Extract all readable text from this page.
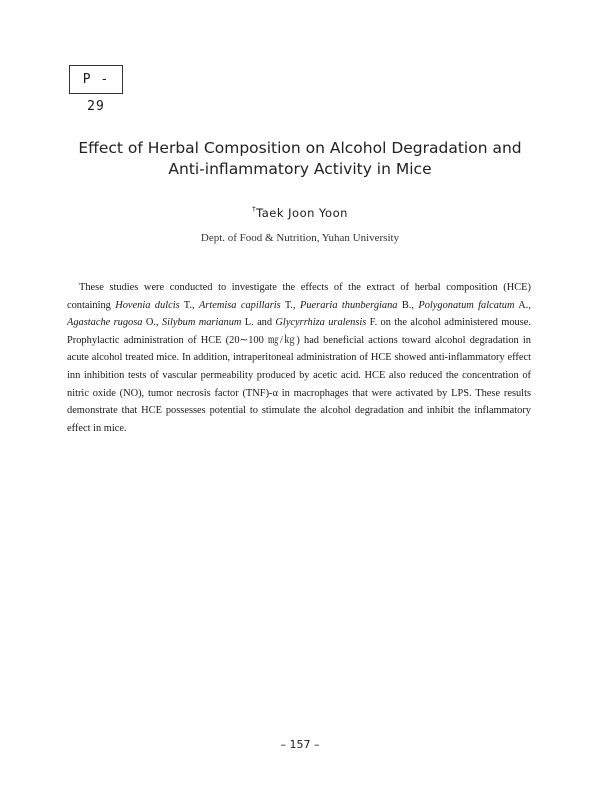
P - 29
Effect of Herbal Composition on Alcohol Degradation and
Anti-inflammatory Activity in Mice
†Taek Joon Yoon
Dept. of Food & Nutrition, Yuhan University
These studies were conducted to investigate the effects of the extract of herbal composition (HCE) containing Hovenia dulcis T., Artemisa capillaris T., Pueraria thunbergiana B., Polygonatum falcatum A., Agastache rugosa O., Silybum marianum L. and Glycyrrhiza uralensis F. on the alcohol administered mouse. Prophylactic administration of HCE (20∼100 ㎎/㎏) had beneficial actions toward alcohol degradation in acute alcohol treated mice. In addition, intraperitoneal administration of HCE showed anti-inflammatory effect inn inhibition tests of vascular permeability produced by acetic acid. HCE also reduced the concentration of nitric oxide (NO), tumor necrosis factor (TNF)-α in macrophages that were activated by LPS. These results demonstrate that HCE possesses potential to stimulate the alcohol degradation and inhibit the inflammatory effect in mice.
– 157 –
